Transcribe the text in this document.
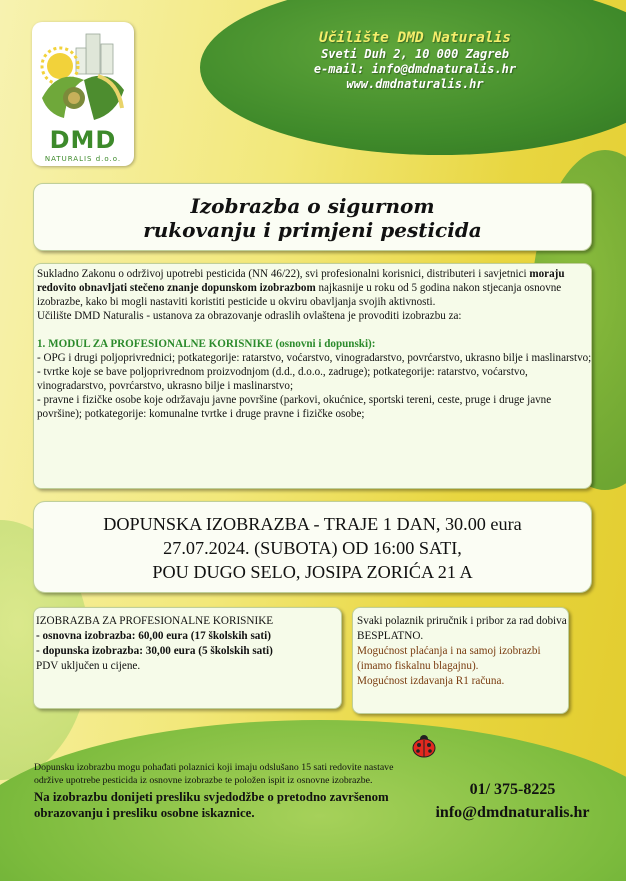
DMD
NATURALIS d.o.o.
Učilište DMD Naturalis
Sveti Duh 2, 10 000 Zagreb
e-mail: info@dmdnaturalis.hr
www.dmdnaturalis.hr
Izobrazba o sigurnom
rukovanju i primjeni pesticida

Sukladno Zakonu o održivoj upotrebi pesticida (NN 46/22), svi profesionalni korisnici, distributeri i savjetnici moraju redovito obnavljati stečeno znanje dopunskom izobrazbom najkasnije u roku od 5 godina nakon stjecanja osnovne izobrazbe, kako bi mogli nastaviti koristiti pesticide u okviru obavljanja svojih aktivnosti.

Učilište DMD Naturalis - ustanova za obrazovanje odraslih ovlaštena je provoditi izobrazbu za:

1. MODUL ZA PROFESIONALNE KORISNIKE (osnovni i dopunski):

- OPG i drugi poljoprivrednici; potkategorije: ratarstvo, voćarstvo, vinogradarstvo, povrćarstvo, ukrasno bilje i maslinarstvo;

- tvrtke koje se bave poljoprivrednom proizvodnjom (d.d., d.o.o., zadruge); potkategorije: ratarstvo, voćarstvo, vinogradarstvo, povrćarstvo, ukrasno bilje i maslinarstvo;

- pravne i fizičke osobe koje održavaju javne površine (parkovi, okućnice, sportski tereni, ceste, pruge i druge javne površine); potkategorije: komunalne tvrtke i druge pravne i fizičke osobe;

DOPUNSKA IZOBRAZBA - TRAJE 1 DAN, 30.00 eura
27.07.2024. (SUBOTA) OD 16:00 SATI,
POU DUGO SELO, JOSIPA ZORIĆA 21 A
IZOBRAZBA ZA PROFESIONALNE KORISNIKE
- osnovna izobrazba: 60,00 eura (17 školskih sati)
- dopunska izobrazba: 30,00 eura (5 školskih sati)
PDV uključen u cijene.
Svaki polaznik priručnik i pribor za rad dobiva BESPLATNO.
Mogućnost plaćanja i na samoj izobrazbi (imamo fiskalnu blagajnu).
Mogućnost izdavanja R1 računa.
Dopunsku izobrazbu mogu pohađati polaznici koji imaju odslušano 15 sati redovite nastave održive upotrebe pesticida iz osnovne izobrazbe te položen ispit iz osnovne izobrazbe.
Na izobrazbu donijeti presliku svjedodžbe o pretodno završenom obrazovanju i presliku osobne iskaznice.
01/ 375-8225
info@dmdnaturalis.hr
